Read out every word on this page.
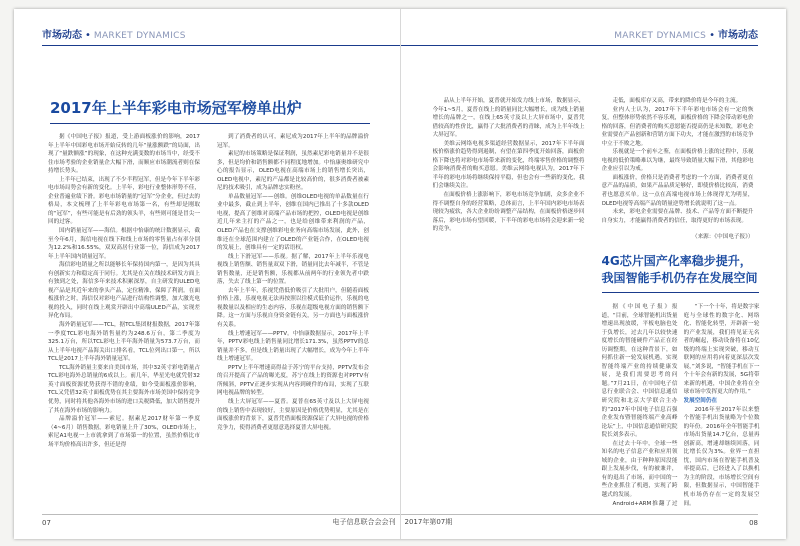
市场动态 • MARKET DYNAMICS
2017年上半年彩电市场冠军榜单出炉

据《中国电子报》报道，受上游面板涨价的影响，2017年上半年中国彩电市场开始反转的几年“量涨额跌”的局面，出现了“量跌额涨”的现象，在这种充满变数的市场当中，经受不住市场考验的企业销量企大幅下滑，而顺应市场潮流者则在保持增长势头。

上半年已结束，出现了不少半程冠军，但是今年下半年彩电市场局势会有新的变化。上半年，彩电行业整体形势不佳，企业普遍业绩下滑。彩电市场销量的“冠军”分企业，但过去的格局，本文梳理了上半年彩电市场第一名，有些却是刚取的“冠军”，有些可能是有后劲的领头羊，有些则可能是冒尖一回的过客。

国内销量冠军——海信。根据中怡康的统计数据显示，截至今年6月，海信电视在线下和线上市场的零售量占有率分别为12.2%和16.55%，双双高居行业第一位，海信成为2017年上半年国内销量冠军。

海信彩电销量之所以能够长年保持国内第一，是因为其具有创新实力和稳定高于同行。尤其是在关在线技术研发方面上有独到之处，海信多年来技术积累深厚，自主研发的ULED电视产品是其近年来的拳头产品，定位精准，保障了利润。在面板涨价之时，海信仅对彩电产品进行结构性调整，加大激光电视的投入，同时在线上观赏开辟出中高端ULED产品，实现差异化布局。

海外销量冠军——TCL，据TCL集团财报数据，2017年第一季度TCL彩电海外销售量约为248.6万台，第二季度为325.1万台，所以TCL彩电上半年海外销量为573.7万台，而从上半年电视产品海关出口排名看，TCL位列出口第一，所以TCL是2017上半年海外销量冠军。

TCL海外销量主要来自美国市场，其中32英寸彩电销量占TCL彩电海外总销量的6成以上。前几年，华星光电就凭借32英寸面板资源优势获得不错的业绩，如今受面板涨价影响，TCL又凭借32英寸面板优势在其主要海外市场美国中保持竞争优势，同时将其他各海外市场的进口关税降低，加大销售提升了其在海外市场的影响力。

品牌溢价冠军——索尼。据素尼2017财年第一季度（4~6月）销售数据，彩电销量上升了30%，OLED市场上，索尼A1电视一上市就拿到了市场第一的位置，虽然价格比市场平均价格高出许多，但还是得

到了消费者的认可，素尼成为2017年上半年的品牌溢价冠军。

素尼的市场策略是保证利润，虽然素尼彩电销量并不是很多，但是均价和销售额都不同程度地增加。中怡康奥维研究中心的报告显示，OLED电视在高端市场上的销售增长突出，OLED电视中，素尼的产品都是比较高价的，很多消费者被素尼的技术吸引，成为品牌忠实粉丝。

单品数量冠军——创维。创维OLED电视的单品数量在行业中最多，截止到上半年，创维在国内已推出了十多款OLED电视，提高了创维对高端产品市场的把控，OLED电视是创维近几年来主打的产品之一，也是给创维带来利润的产品，OLED产品也在支撑创维彩电业务向高端市场发展，此外，创维还在全球范围内建立了OLED的产业链合作，在OLED电视的发展上，创维具有一定的话语权。

线上下滑冠军——乐视。据了解，2017年上半年乐视电视线上销售额、销售量双双下滑，销量同比去年减半，不管是销售数量，还是销售额，乐视都从前两年的行业领先者中跌落，失去了线上第一的位置。

去年上半年，乐视凭借低价吸引了大批用户，但随着面板价格上涨，乐视电视无法再按照以往模式低价运作，乐视的电视数量以及相应的生态内容，乐视在超级电视方面的销售额下降。这一方面与乐视自身资金链有关，另一方面也与面板涨价有关系。

线上增速冠军——PPTV。中怡康数据显示，2017年上半年，PPTV彩电线上销售量同比增长171.3%，虽然PPTV的总销量并不多，但是线上销量出现了大幅增长，成为今年上半年线上增速冠军。

PPTV上半年增速高得益于苏宁的平台支持，PPTV发布会的召开提高了产品的曝光度，苏宁在线上的资源也对PPTV有所倾斜，PPTV正逐步实现从内容到硬件的布局，实现了互联网电视品牌的转型。

线上大屏冠军——夏普。夏普在65英寸及以上大屏电视的线上销售中表现较好，主要原因是价格优势明显，尤其是在面板涨价的背景下，夏普凭借面板资源保证了大屏电视的价格竞争力，使得消费者更愿意选择夏普大屏电视。

07	电子信息联合会会刊
MARKET DYNAMICS • 市场动态

品从上半年开始，夏普就开始发力线上市场，数据显示，今年1~5月，夏普在线上的销量同比大幅增长，成为线上销量增长的品牌之一，在线上65英寸及以上大屏市场中，夏普凭借较高的性价比，赢得了大批消费者的青睐，成为上半年线上大屏冠军。

美维云网络电视多渠道经营数据显示，2017年下半年面板价格涨价趋势得到遏制，有望在第四季度开始回落，面板价格下降也将对彩电市场带来新的变化，终端零售价格的调整将会影响消费者的购买意愿。美维云网络电视认为，2017年下半年的彩电市场将继续保持平稳，但也会有一些新的变化，我们会继续关注。

在面板价格上涨影响下，彩电市场竞争加剧，众多企业不得不调整自身的经营策略，总体而言，上半年国内彩电市场表现较为疲软，各大企业纷纷调整产品结构，在面板价格逐步回落后，彩电市场有望回暖，下半年的彩电市场将会迎来新一轮的竞争。

走低，面板库存又高，带来的降价将是今年的主流。

业内人士认为，2017年下半年彩电市场会有一定的恢复，但整体形势依然不容乐观，面板价格的下降会带动彩电价格的回落，但消费者的购买意愿能否提高仍是未知数，彩电企业需要在产品创新和营销方面下功夫，才能在激烈的市场竞争中立于不败之地。

乐视就是一个前车之鉴，在面板价格上涨的过程中，乐视电视的低价策略难以为继，最终导致销量大幅下滑，其他彩电企业应引以为戒。

面板涨价，价格只是消费者考虑的一个方面，消费者更在意产品的品质，如果产品品质足够好，即使价格比较高，消费者也愿意买单。这一点在高端电视市场上体现得尤为明显，OLED电视等高端产品的销量逆势增长就说明了这一点。

未来，彩电企业需要在品牌、技术、产品等方面不断提升自身实力，才能赢得消费者的信任，取得更好的市场表现。

（来源：《中国电子报》）

4G芯片国产化率稳步提升，
我国智能手机仍存在发展空间

据《中国电子报》报道，“目前，全球智能机出货量增速出现放缓，平板电脑也处于负增长，过去几年以较快速度增长的智能硬件产品正在经历调整期，在这种背景下，如何抓住新一轮发展机遇，实现智能终端产业的持续健康发展，是我们需要思考的问题。”7月21日，在中国电子信息行业联合会、中国信息通信研究院和北京大学联合主办的“2017年中国电子信息百强企业发布暨智能终端产业高峰论坛”上，中国信息通信研究院院长刘多表示。

在过去十年中，全球一些知名的电子信息产业和应用领域的企业，由于种种原因没能跟上发展步伐，有的被兼并，有的退出了市场，而中国的一些企业抓住了机遇，实现了跨越式的发展。

Android+ARM推翻了过

“下一个十年，将是数字家庭与全球性的数字化、网络化、智能化转型，开辟新一轮的产业发展，我们将见证无名者的崛起，移动设备将在10亿级的终端上实现突破，移动互联网的应用将向着更深层次发展，”刘多说，“智能手机在下一个十年会有新的发展，5G将带来新的机遇，中国企业将在全球市场中发挥更大的作用。”

发展空间仍在

2016年至2017年以来整个智能手机出货量略为个位数的年份。2016年全年智能手机市场出货量14.7亿台，总量再创新高，增速却继续回落，同比增长仅为3%。业界一直担忧，国内市场在智能手机普及率提高后，已经进入了以换机为主的阶段，市场增长空间有限，但数据显示，中国智能手机市场仍存在一定的发展空间。

2017年第07期	08
